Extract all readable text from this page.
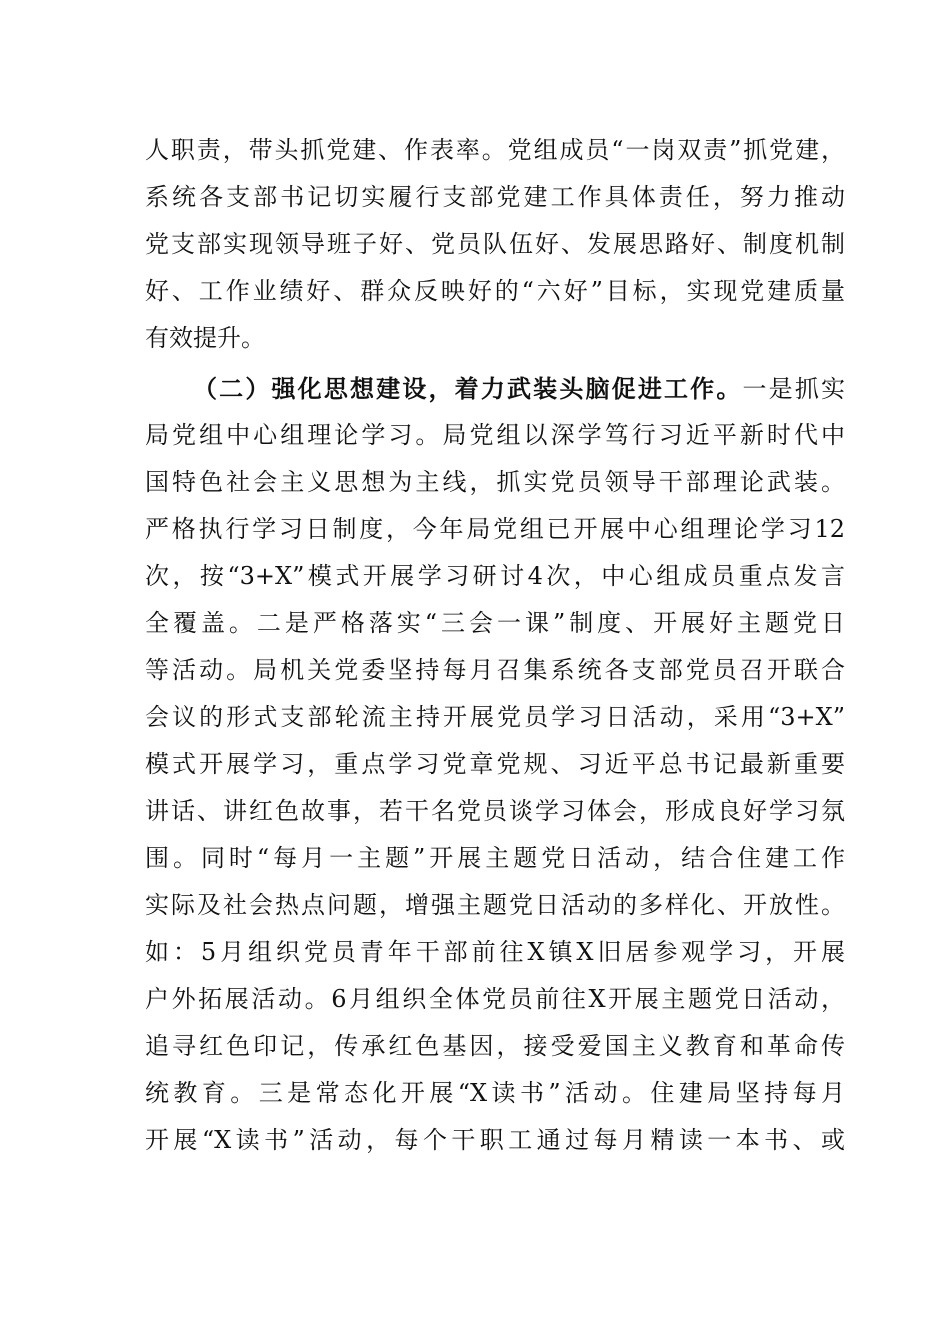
人职责，带头抓党建、作表率。党组成员“一岗双责”抓党建，
系统各支部书记切实履行支部党建工作具体责任，努力推动
党支部实现领导班子好、党员队伍好、发展思路好、制度机制
好、工作业绩好、群众反映好的“六好”目标，实现党建质量
有效提升。
（二）强化思想建设，着力武装头脑促进工作。一是抓实
局党组中心组理论学习。局党组以深学笃行习近平新时代中
国特色社会主义思想为主线，抓实党员领导干部理论武装。
严格执行学习日制度，今年局党组已开展中心组理论学习12
次，按“3+X”模式开展学习研讨4次，中心组成员重点发言
全覆盖。二是严格落实“三会一课”制度、开展好主题党日
等活动。局机关党委坚持每月召集系统各支部党员召开联合
会议的形式支部轮流主持开展党员学习日活动，采用“3+X”
模式开展学习，重点学习党章党规、习近平总书记最新重要
讲话、讲红色故事，若干名党员谈学习体会，形成良好学习氛
围。同时“每月一主题”开展主题党日活动，结合住建工作
实际及社会热点问题，增强主题党日活动的多样化、开放性。
如：5月组织党员青年干部前往X镇X旧居参观学习，开展
户外拓展活动。6月组织全体党员前往X开展主题党日活动，
追寻红色印记，传承红色基因，接受爱国主义教育和革命传
统教育。三是常态化开展“X读书”活动。住建局坚持每月
开展“X读书”活动，每个干职工通过每月精读一本书、或
